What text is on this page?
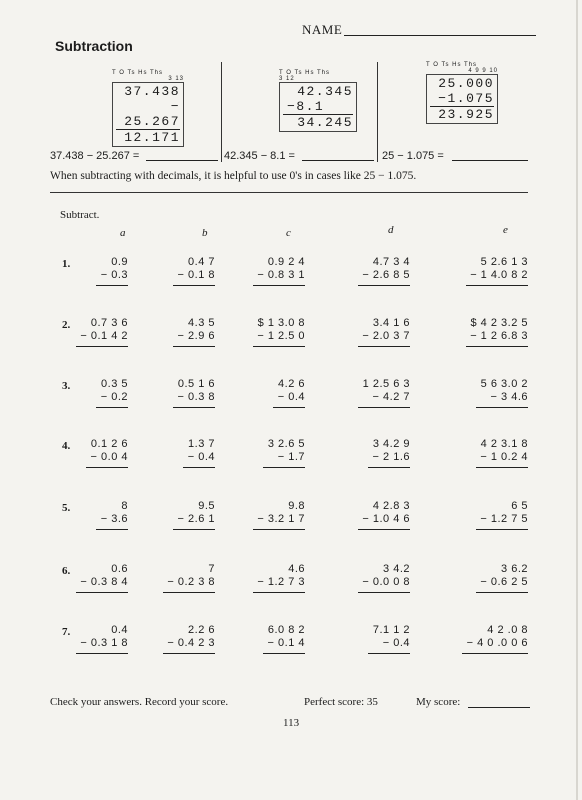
NAME
Subtraction
T O Ts Hs Ths
3 13
37.438
− 25.267
12.171
37.438 − 25.267 =
T O Ts Hs Ths
3 12
42.345
−8.1
34.245
42.345 − 8.1 =
T O Ts Hs Ths
4 9 9 10
25.000
−1.075
23.925
25 − 1.075 =
When subtracting with decimals, it is helpful to use 0's in cases like 25 − 1.075.
Subtract.
a	b	c	d	e
1.	0.9
− 0.3
0.4 7
− 0.1 8
0.9 2 4
− 0.8 3 1
4.7 3 4
− 2.6 8 5
5 2.6 1 3
− 1 4.0 8 2
2.	0.7 3 6
− 0.1 4 2
4.3 5
− 2.9 6
$ 1 3.0 8
− 1 2.5 0
3.4 1 6
− 2.0 3 7
$ 4 2 3.2 5
− 1 2 6.8 3
3.	0.3 5
− 0.2
0.5 1 6
− 0.3 8
4.2 6
− 0.4
1 2.5 6 3
− 4.2 7
5 6 3.0 2
− 3 4.6
4.	0.1 2 6
− 0.0 4
1.3 7
− 0.4
3 2.6 5
− 1.7
3 4.2 9
− 2 1.6
4 2 3.1 8
− 1 0.2 4
5.	8
− 3.6
9.5
− 2.6 1
9.8
− 3.2 1 7
4 2.8 3
− 1.0 4 6
6 5
− 1.2 7 5
6.	0.6
− 0.3 8 4
7
− 0.2 3 8
4.6
− 1.2 7 3
3 4.2
− 0.0 0 8
3 6.2
− 0.6 2 5
7.	0.4
− 0.3 1 8
2.2 6
− 0.4 2 3
6.0 8 2
− 0.1 4
7.1 1 2
− 0.4
4 2 .0 8
− 4 0 .0 0 6
Check your answers. Record your score.	Perfect score: 35	My score:
113
